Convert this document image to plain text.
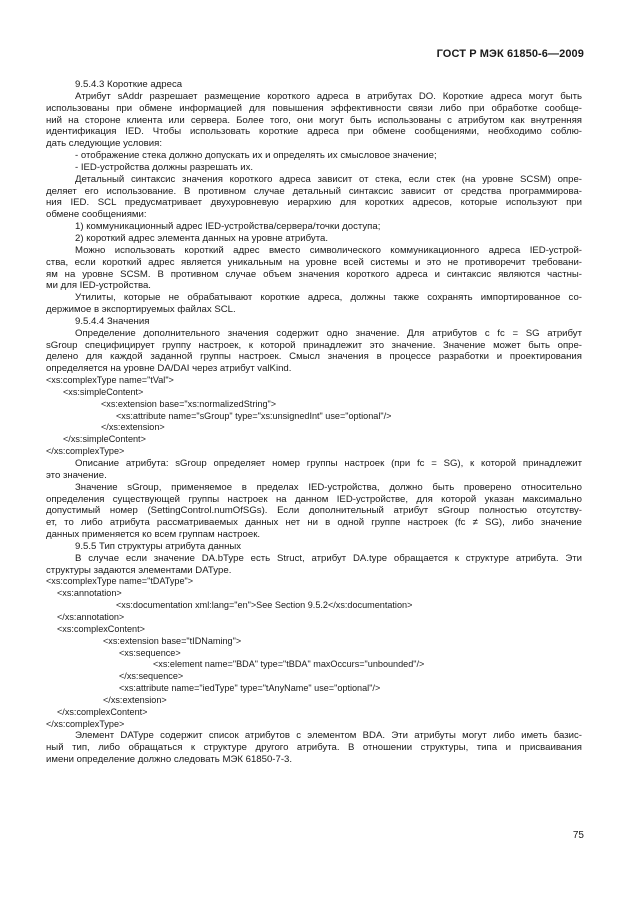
ГОСТ Р МЭК 61850-6—2009
9.5.4.3 Короткие адреса
Атрибут sAddr разрешает размещение короткого адреса в атрибутах DO. Короткие адреса могут быть
использованы при обмене информацией для повышения эффективности связи либо при обработке сообще-
ний на стороне клиента или сервера. Более того, они могут быть использованы с атрибутом как внутренняя
идентификация IED. Чтобы использовать короткие адреса при обмене сообщениями, необходимо соблю-
дать следующие условия:
- отображение стека должно допускать их и определять их смысловое значение;
- IED-устройства должны разрешать их.
Детальный синтаксис значения короткого адреса зависит от стека, если стек (на уровне SCSM) опре-
деляет его использование. В противном случае детальный синтаксис зависит от средства программирова-
ния IED. SCL предусматривает двухуровневую иерархию для коротких адресов, которые используют при
обмене сообщениями:
1) коммуникационный адрес IED-устройства/сервера/точки доступа;
2) короткий адрес элемента данных на уровне атрибута.
Можно использовать короткий адрес вместо символического коммуникационного адреса IED-устрой-
ства, если короткий адрес является уникальным на уровне всей системы и это не противоречит требовани-
ям на уровне SCSM. В противном случае объем значения короткого адреса и синтаксис являются частны-
ми для IED-устройства.
Утилиты, которые не обрабатывают короткие адреса, должны также сохранять импортированное со-
держимое в экспортируемых файлах SCL.
9.5.4.4 Значения
Определение дополнительного значения содержит одно значение. Для атрибутов с fc = SG атрибут
sGroup специфицирует группу настроек, к которой принадлежит это значение. Значение может быть опре-
делено для каждой заданной группы настроек. Смысл значения в процессе разработки и проектирования
определяется на уровне DA/DAI через атрибут valKind.
<xs:complexType name="tVal">
<xs:simpleContent>
<xs:extension base="xs:normalizedString">
<xs:attribute name="sGroup" type="xs:unsignedInt" use="optional"/>
</xs:extension>
</xs:simpleContent>
</xs:complexType>
Описание атрибута: sGroup определяет номер группы настроек (при fc = SG), к которой принадлежит
это значение.
Значение sGroup, применяемое в пределах IED-устройства, должно быть проверено относительно
определения существующей группы настроек на данном IED-устройстве, для которой указан максимально
допустимый номер (SettingControl.numOfSGs). Если дополнительный атрибут sGroup полностью отсутству-
ет, то либо атрибута рассматриваемых данных нет ни в одной группе настроек (fc ≠ SG), либо значение
данных применяется ко всем группам настроек.
9.5.5 Тип структуры атрибута данных
В случае если значение DA.bType есть Struct, атрибут DA.type обращается к структуре атрибута. Эти
структуры задаются элементами DAType.
<xs:complexType name="tDAType">
<xs:annotation>
<xs:documentation xml:lang="en">See Section 9.5.2</xs:documentation>
</xs:annotation>
<xs:complexContent>
<xs:extension base="tIDNaming">
<xs:sequence>
<xs:element name="BDA" type="tBDA" maxOccurs="unbounded"/>
</xs:sequence>
<xs:attribute name="iedType" type="tAnyName" use="optional"/>
</xs:extension>
</xs:complexContent>
</xs:complexType>
Элемент DAType содержит список атрибутов с элементом BDA. Эти атрибуты могут либо иметь базис-
ный тип, либо обращаться к структуре другого атрибута. В отношении структуры, типа и присваивания
имени определение должно следовать МЭК 61850-7-3.
75
